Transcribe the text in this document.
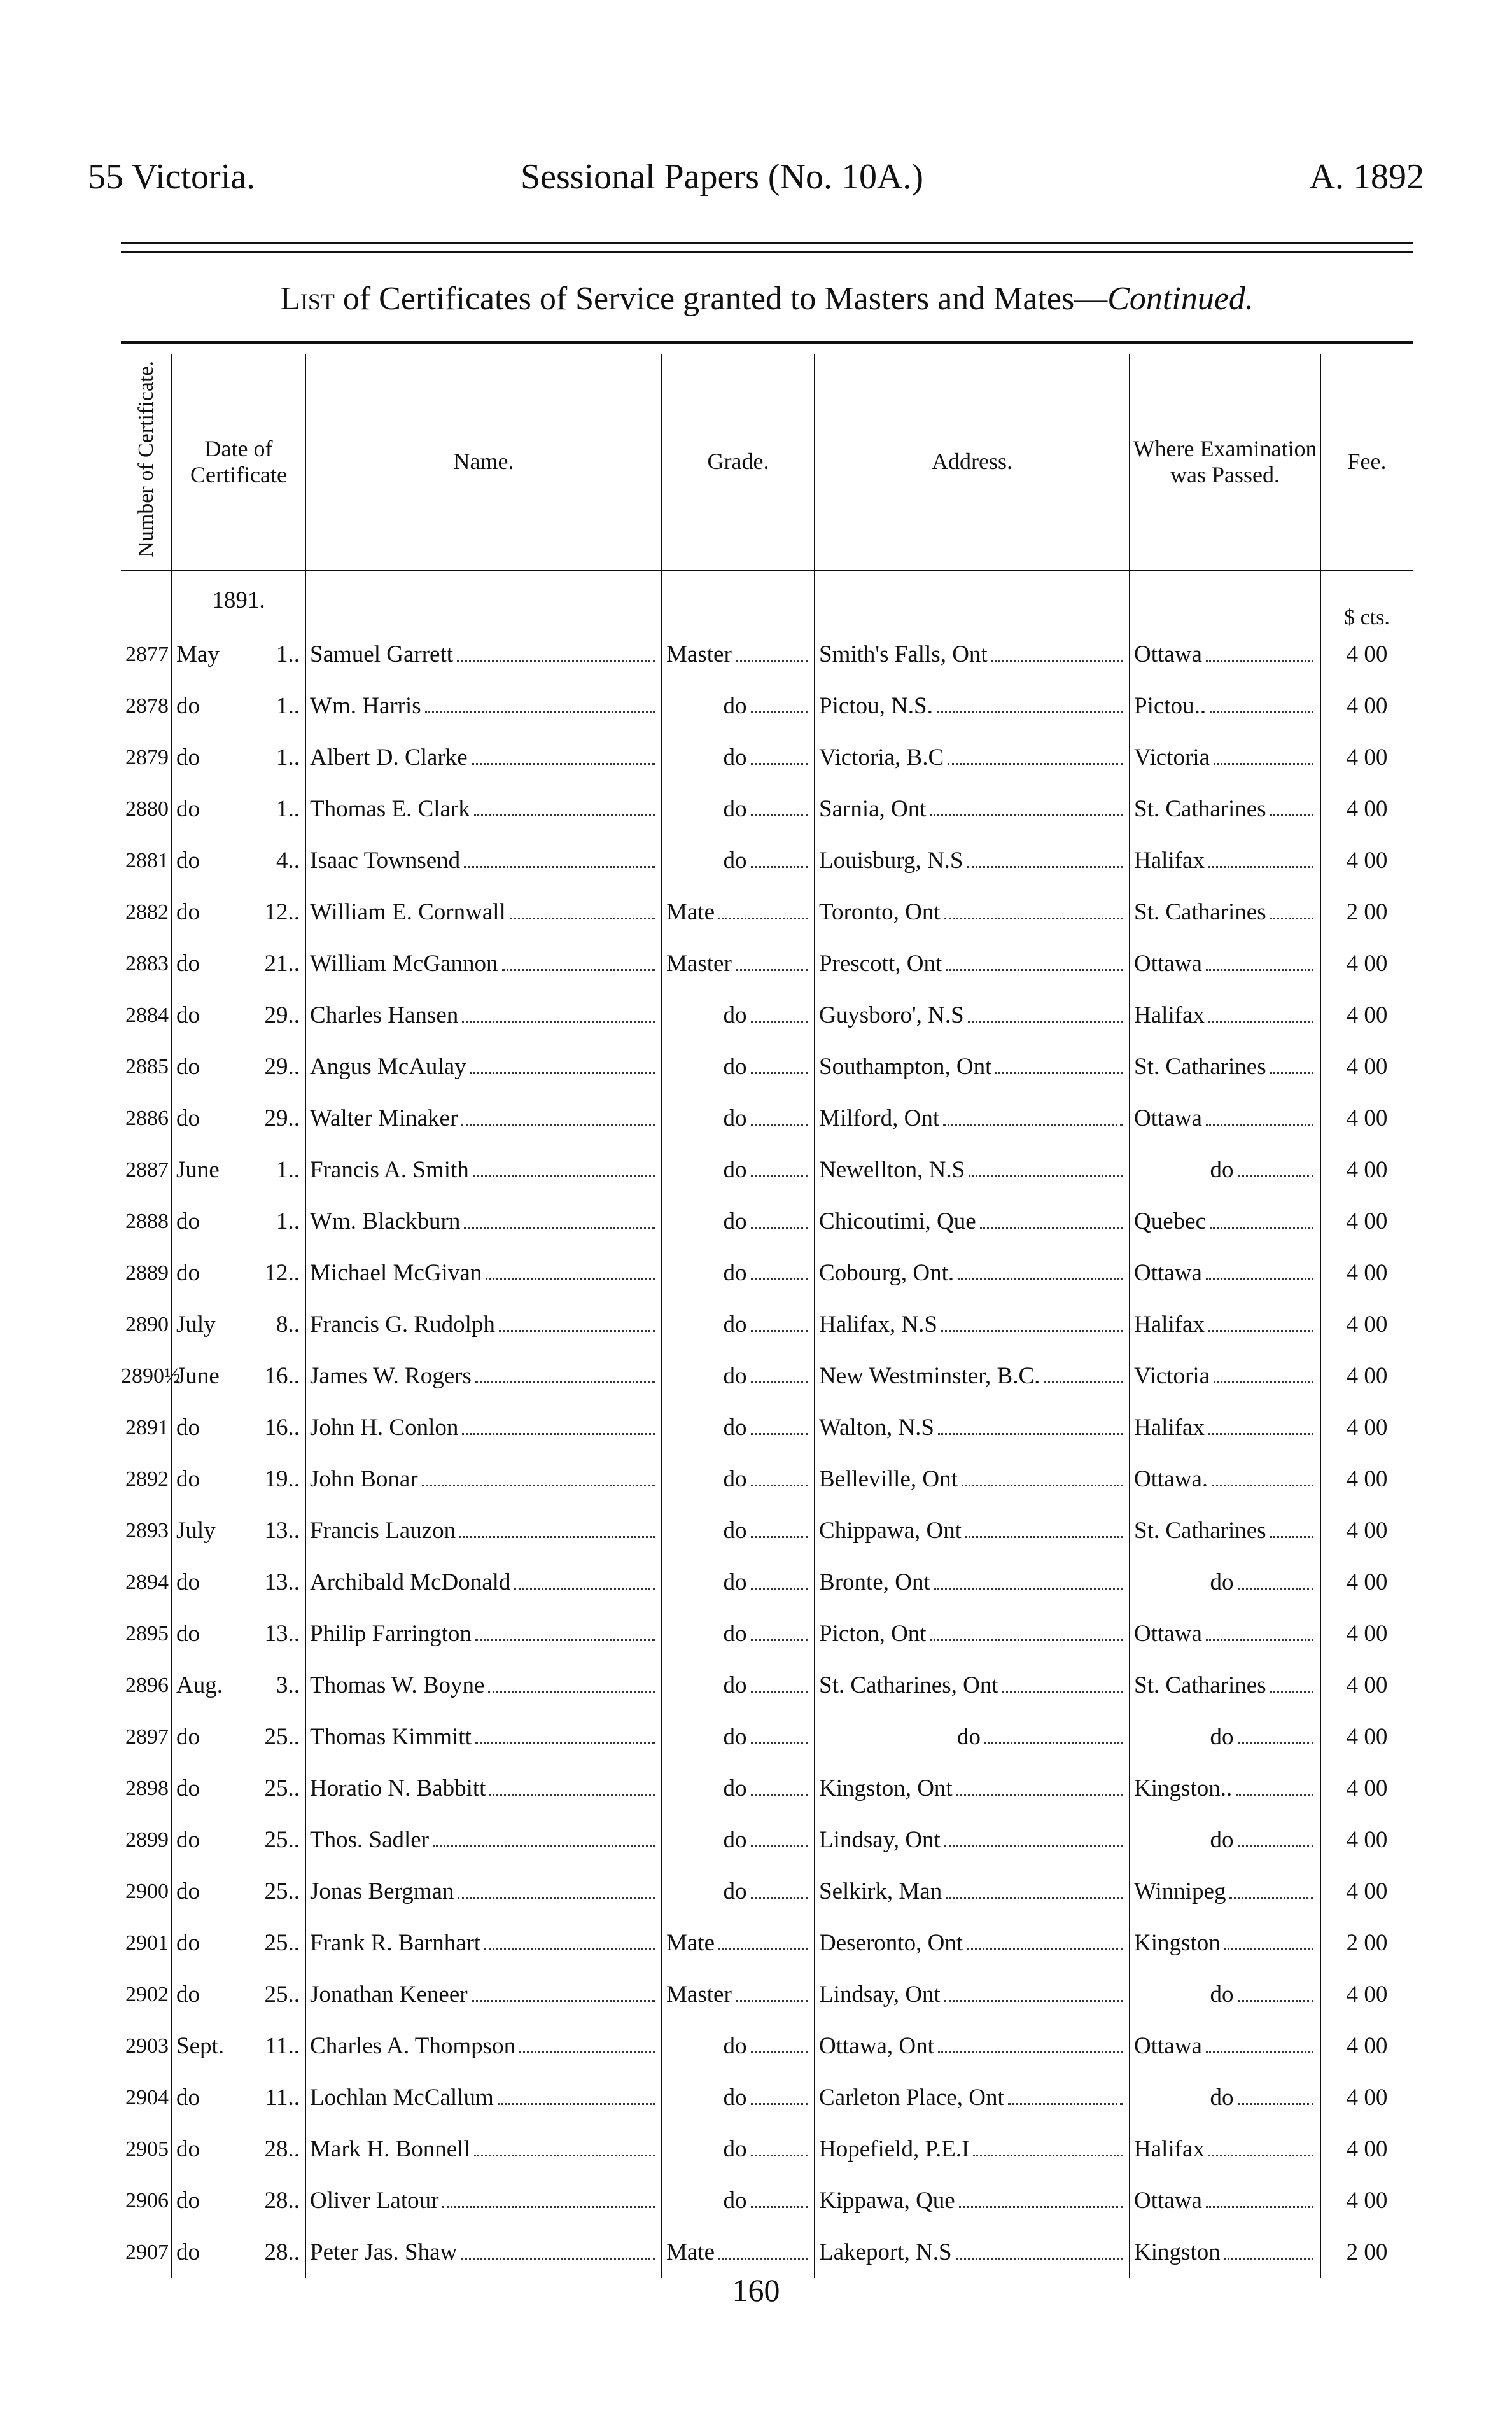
55 Victoria.	Sessional Papers (No. 10A.)	A. 1892
List of Certificates of Service granted to Masters and Mates—Continued.
Number of Certificate.	Date of Certificate		Name.	Grade.	Address.	Where Examination was Passed.	Fee.
	1891.						$ cts.
2877	May	1..	Samuel Garrett	Master	Smith's Falls, Ont	Ottawa	4 00
2878	do	1..	Wm. Harris	do	Pictou, N.S.	Pictou..	4 00
2879	do	1..	Albert D. Clarke	do	Victoria, B.C	Victoria	4 00
2880	do	1..	Thomas E. Clark	do	Sarnia, Ont	St. Catharines	4 00
2881	do	4..	Isaac Townsend	do	Louisburg, N.S	Halifax	4 00
2882	do	12..	William E. Cornwall	Mate	Toronto, Ont	St. Catharines	2 00
2883	do	21..	William McGannon	Master	Prescott, Ont	Ottawa	4 00
2884	do	29..	Charles Hansen	do	Guysboro', N.S	Halifax	4 00
2885	do	29..	Angus McAulay	do	Southampton, Ont	St. Catharines	4 00
2886	do	29..	Walter Minaker	do	Milford, Ont	Ottawa	4 00
2887	June	1..	Francis A. Smith	do	Newellton, N.S	do	4 00
2888	do	1..	Wm. Blackburn	do	Chicoutimi, Que	Quebec	4 00
2889	do	12..	Michael McGivan	do	Cobourg, Ont.	Ottawa	4 00
2890	July	8..	Francis G. Rudolph	do	Halifax, N.S	Halifax	4 00
2890½	June	16..	James W. Rogers	do	New Westminster, B.C.	Victoria	4 00
2891	do	16..	John H. Conlon	do	Walton, N.S	Halifax	4 00
2892	do	19..	John Bonar	do	Belleville, Ont	Ottawa.	4 00
2893	July	13..	Francis Lauzon	do	Chippawa, Ont	St. Catharines	4 00
2894	do	13..	Archibald McDonald	do	Bronte, Ont	do	4 00
2895	do	13..	Philip Farrington	do	Picton, Ont	Ottawa	4 00
2896	Aug.	3..	Thomas W. Boyne	do	St. Catharines, Ont	St. Catharines	4 00
2897	do	25..	Thomas Kimmitt	do	do	do	4 00
2898	do	25..	Horatio N. Babbitt	do	Kingston, Ont	Kingston..	4 00
2899	do	25..	Thos. Sadler	do	Lindsay, Ont	do	4 00
2900	do	25..	Jonas Bergman	do	Selkirk, Man	Winnipeg	4 00
2901	do	25..	Frank R. Barnhart	Mate	Deseronto, Ont	Kingston	2 00
2902	do	25..	Jonathan Keneer	Master	Lindsay, Ont	do	4 00
2903	Sept.	11..	Charles A. Thompson	do	Ottawa, Ont	Ottawa	4 00
2904	do	11..	Lochlan McCallum	do	Carleton Place, Ont	do	4 00
2905	do	28..	Mark H. Bonnell	do	Hopefield, P.E.I	Halifax	4 00
2906	do	28..	Oliver Latour	do	Kippawa, Que	Ottawa	4 00
2907	do	28..	Peter Jas. Shaw	Mate	Lakeport, N.S	Kingston	2 00
160
